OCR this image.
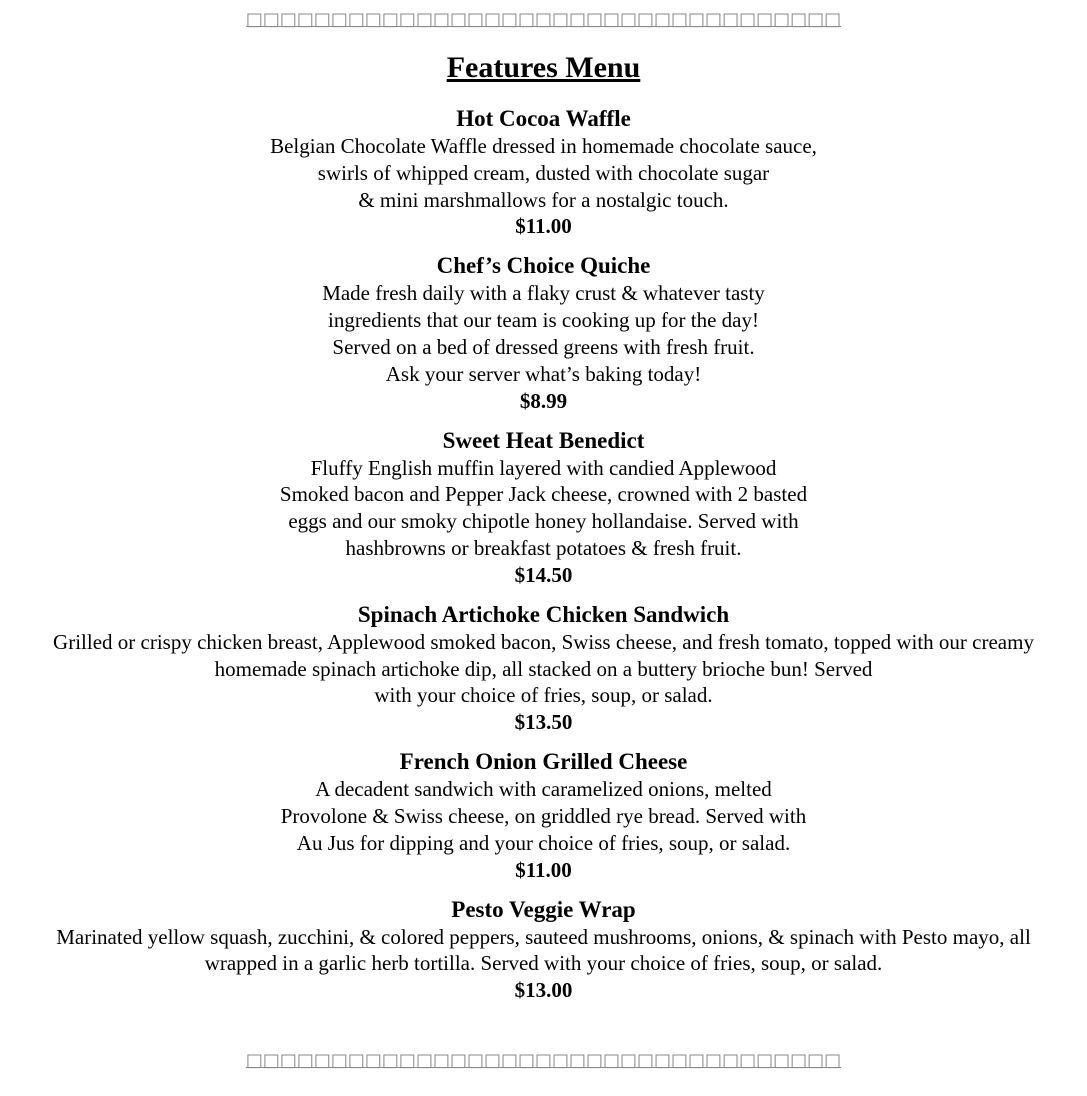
□□□□□□□□□□□□□□□□□□□□□□□□□□□□□□□□□□□
Features Menu
Hot Cocoa Waffle
Belgian Chocolate Waffle dressed in homemade chocolate sauce,
swirls of whipped cream, dusted with chocolate sugar
& mini marshmallows for a nostalgic touch.
$11.00
Chef’s Choice Quiche
Made fresh daily with a flaky crust & whatever tasty
ingredients that our team is cooking up for the day!
Served on a bed of dressed greens with fresh fruit.
Ask your server what’s baking today!
$8.99
Sweet Heat Benedict
Fluffy English muffin layered with candied Applewood
Smoked bacon and Pepper Jack cheese, crowned with 2 basted
eggs and our smoky chipotle honey hollandaise. Served with
hashbrowns or breakfast potatoes & fresh fruit.
$14.50
Spinach Artichoke Chicken Sandwich
Grilled or crispy chicken breast, Applewood smoked bacon, Swiss cheese, and fresh tomato, topped with our creamy
homemade spinach artichoke dip, all stacked on a buttery brioche bun! Served
with your choice of fries, soup, or salad.
$13.50
French Onion Grilled Cheese
A decadent sandwich with caramelized onions, melted
Provolone & Swiss cheese, on griddled rye bread. Served with
Au Jus for dipping and your choice of fries, soup, or salad.
$11.00
Pesto Veggie Wrap
Marinated yellow squash, zucchini, & colored peppers, sauteed mushrooms, onions, & spinach with Pesto mayo, all
wrapped in a garlic herb tortilla. Served with your choice of fries, soup, or salad.
$13.00
□□□□□□□□□□□□□□□□□□□□□□□□□□□□□□□□□□□
